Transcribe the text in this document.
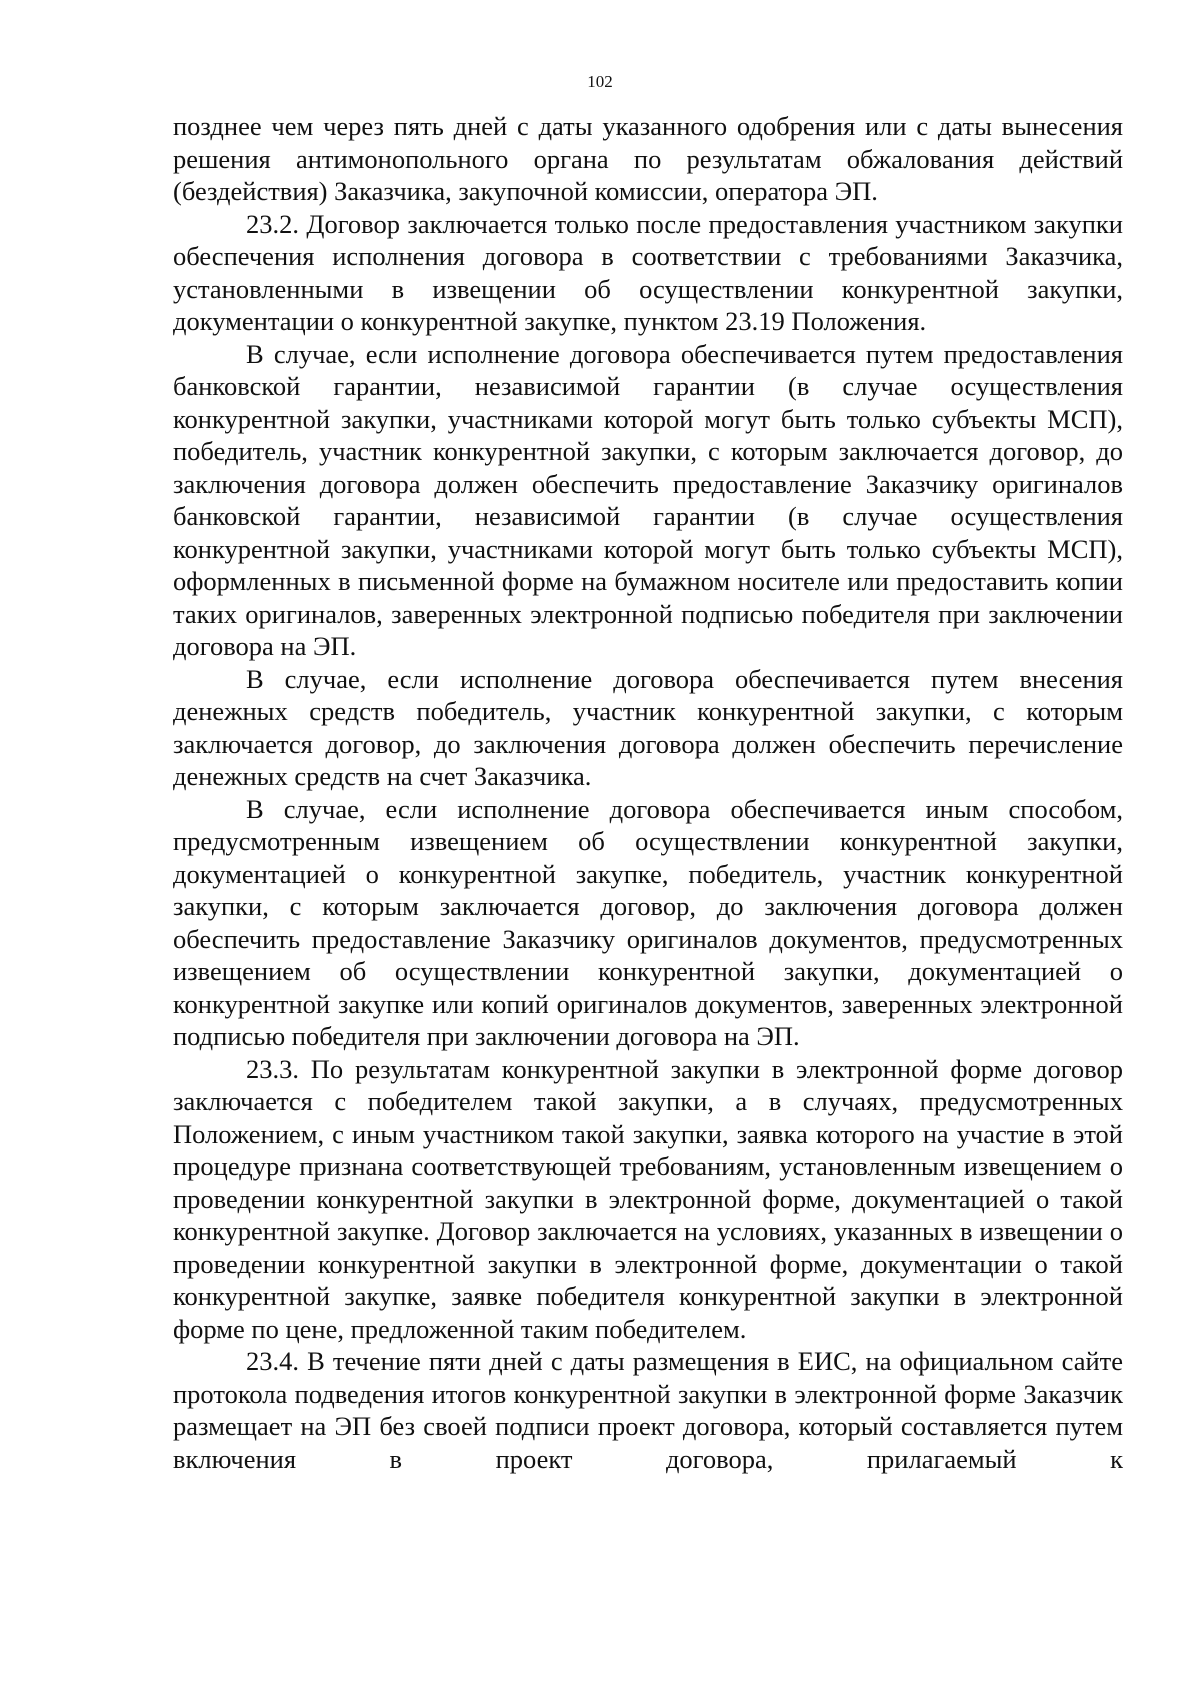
102

позднее чем через пять дней с даты указанного одобрения или с даты вынесения решения антимонопольного органа по результатам обжалования действий (бездействия) Заказчика, закупочной комиссии, оператора ЭП.

23.2. Договор заключается только после предоставления участником закупки обеспечения исполнения договора в соответствии с требованиями Заказчика, установленными в извещении об осуществлении конкурентной закупки, документации о конкурентной закупке, пунктом 23.19 Положения.

В случае, если исполнение договора обеспечивается путем предоставления банковской гарантии, независимой гарантии (в случае осуществления конкурентной закупки, участниками которой могут быть только субъекты МСП), победитель, участник конкурентной закупки, с которым заключается договор, до заключения договора должен обеспечить предоставление Заказчику оригиналов банковской гарантии, независимой гарантии (в случае осуществления конкурентной закупки, участниками которой могут быть только субъекты МСП), оформленных в письменной форме на бумажном носителе или предоставить копии таких оригиналов, заверенных электронной подписью победителя при заключении договора на ЭП.

В случае, если исполнение договора обеспечивается путем внесения денежных средств победитель, участник конкурентной закупки, с которым заключается договор, до заключения договора должен обеспечить перечисление денежных средств на счет Заказчика.

В случае, если исполнение договора обеспечивается иным способом, предусмотренным извещением об осуществлении конкурентной закупки, документацией о конкурентной закупке, победитель, участник конкурентной закупки, с которым заключается договор, до заключения договора должен обеспечить предоставление Заказчику оригиналов документов, предусмотренных извещением об осуществлении конкурентной закупки, документацией о конкурентной закупке или копий оригиналов документов, заверенных электронной подписью победителя при заключении договора на ЭП.

23.3. По результатам конкурентной закупки в электронной форме договор заключается с победителем такой закупки, а в случаях, предусмотренных Положением, с иным участником такой закупки, заявка которого на участие в этой процедуре признана соответствующей требованиям, установленным извещением о проведении конкурентной закупки в электронной форме, документацией о такой конкурентной закупке. Договор заключается на условиях, указанных в извещении о проведении конкурентной закупки в электронной форме, документации о такой конкурентной закупке, заявке победителя конкурентной закупки в электронной форме по цене, предложенной таким победителем.

23.4. В течение пяти дней с даты размещения в ЕИС, на официальном сайте протокола подведения итогов конкурентной закупки в электронной форме Заказчик размещает на ЭП без своей подписи проект договора, который составляется путем включения в проект договора, прилагаемый к
